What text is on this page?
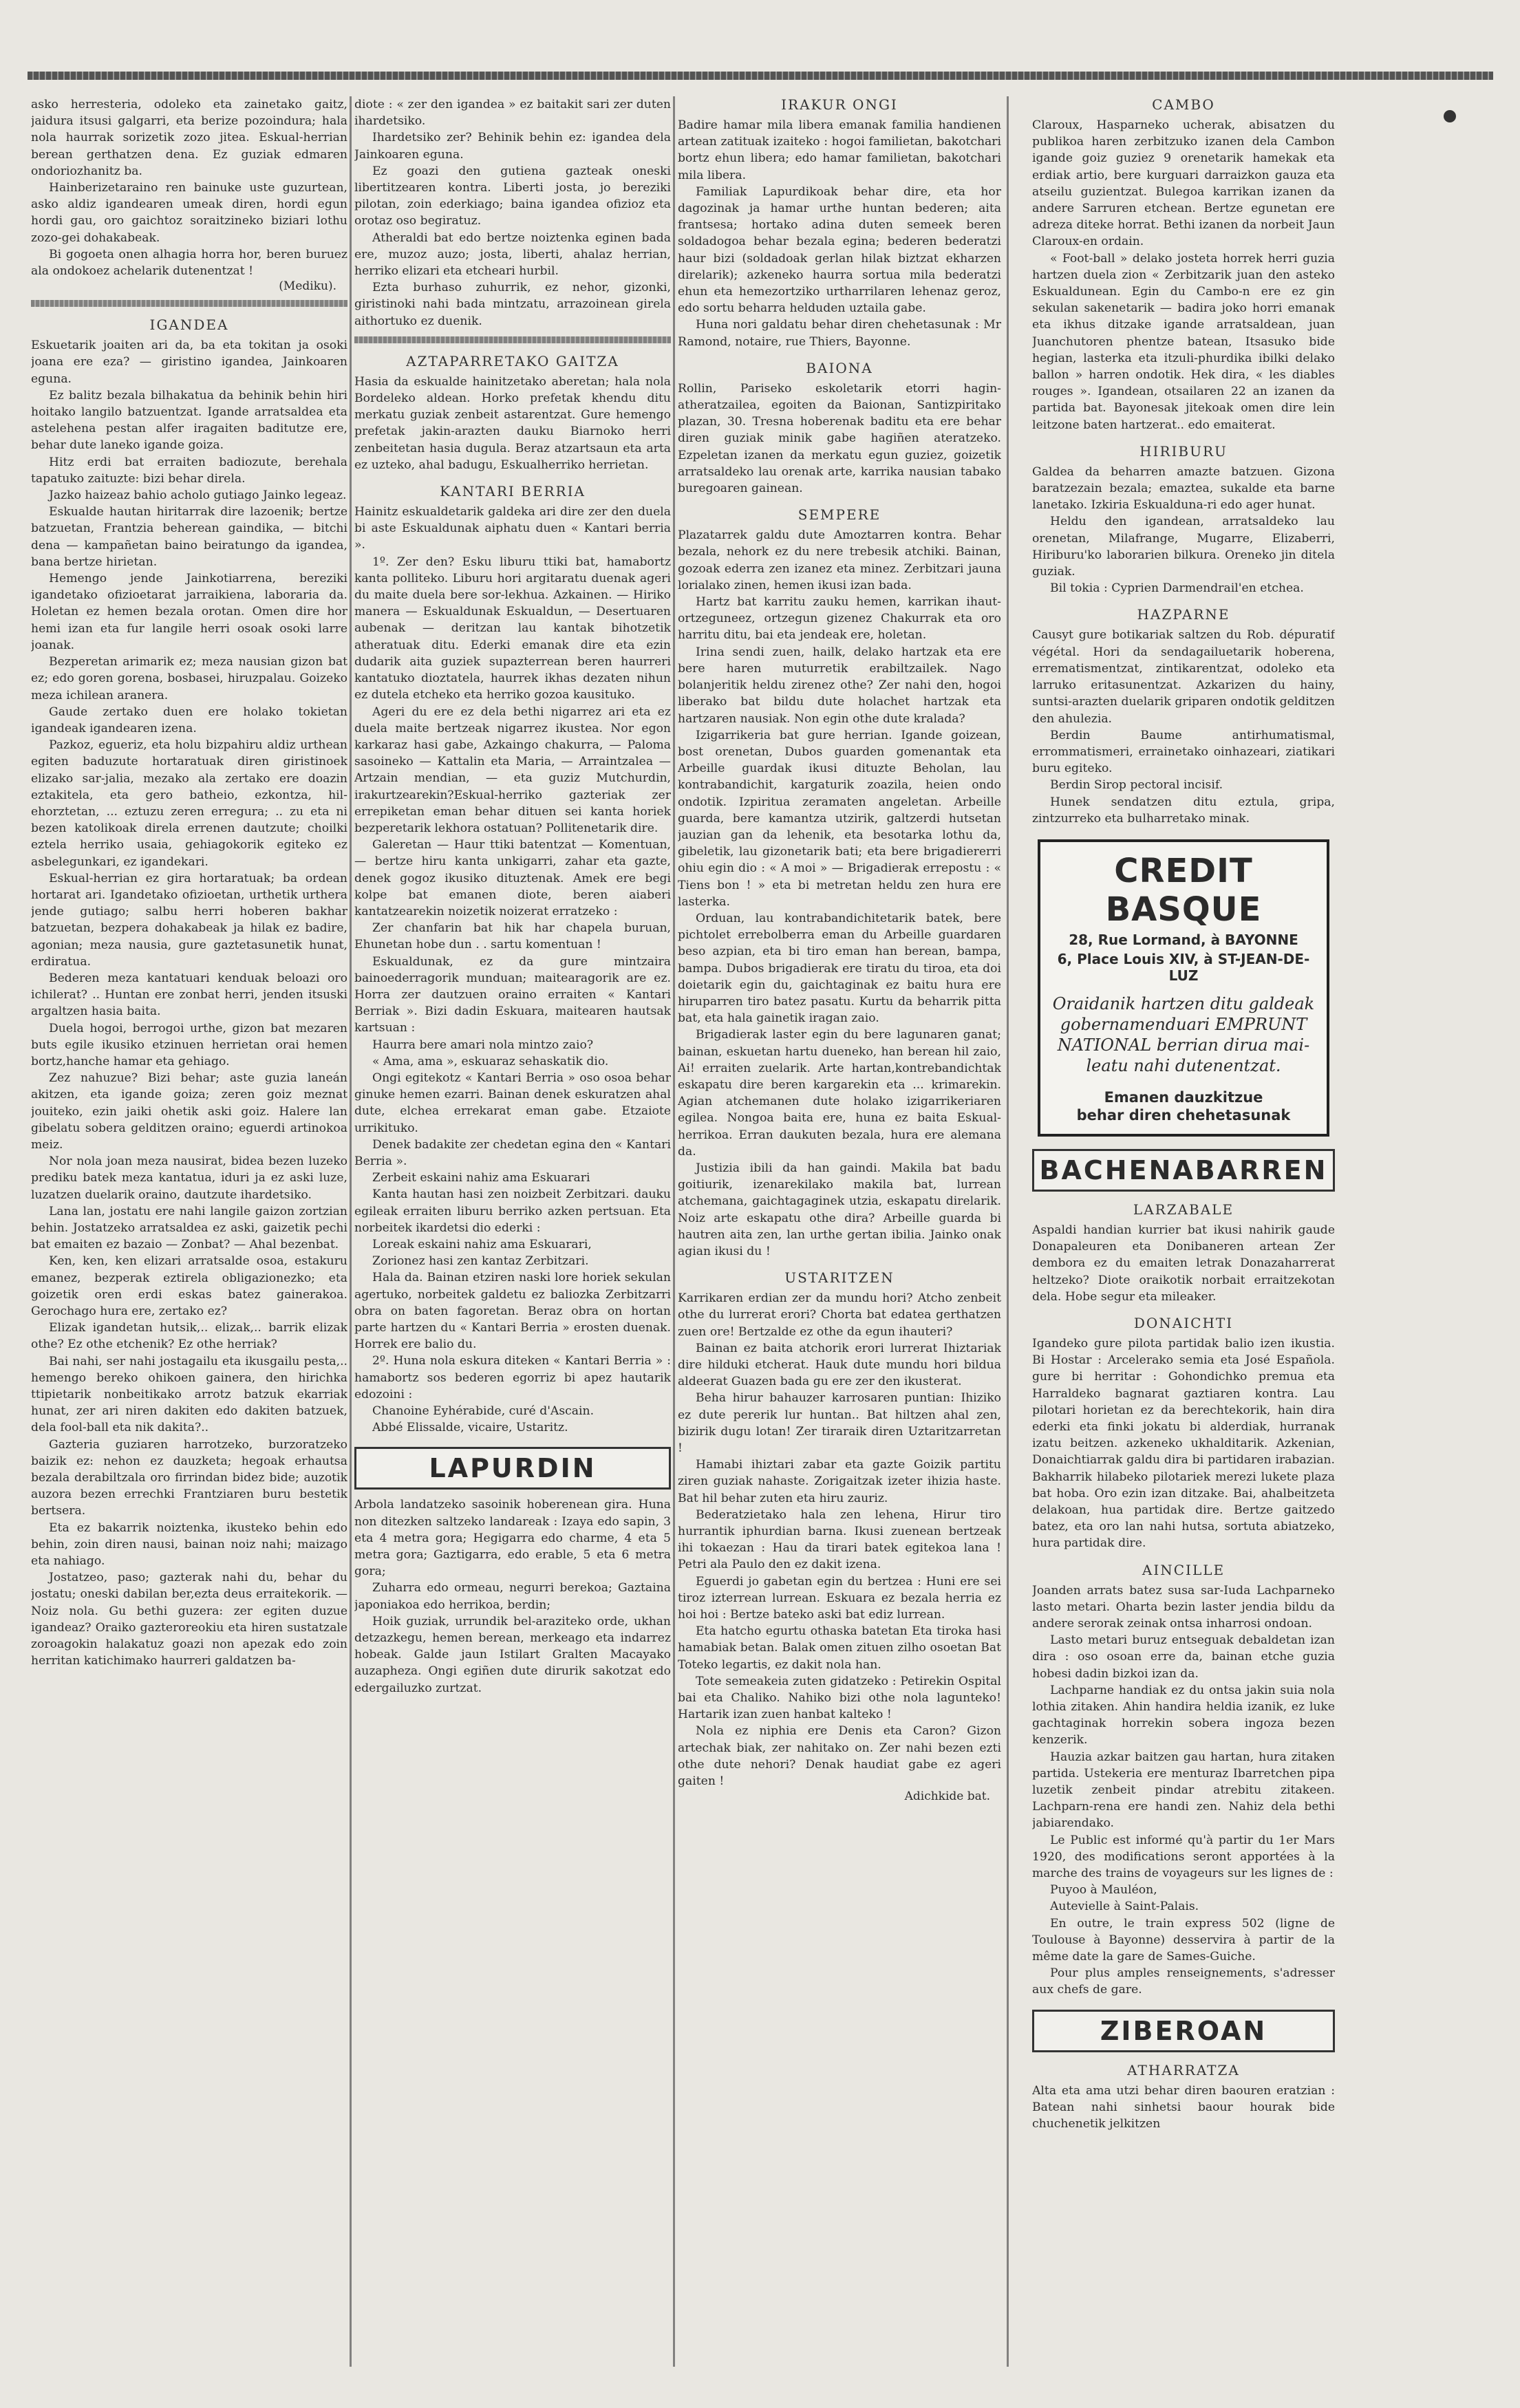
asko herresteria, odoleko eta zainetako gaitz, jaidura itsusi galgarri, eta berize pozoindura; hala nola haurrak sorizetik zozo jitea. Eskual-herrian berean gerthatzen dena. Ez guziak edmaren ondoriozhanitz ba.

Hainberizetaraino ren bainuke uste guzurtean, asko aldiz igandearen umeak diren, hordi egun hordi gau, oro gaichtoz soraitzineko biziari lothu zozo-gei dohakabeak.

Bi gogoeta onen alhagia horra hor, beren buruez ala ondokoez achelarik dutenentzat !

(Mediku).
IGANDEA

Eskuetarik joaiten ari da, ba eta tokitan ja osoki joana ere eza? — giristino igandea, Jainkoaren eguna.

Ez balitz bezala bilhakatua da behinik behin hiri hoitako langilo batzuentzat. Igande arratsaldea eta astelehena pestan alfer iragaiten baditutze ere, behar dute laneko igande goiza.

Hitz erdi bat erraiten badiozute, berehala tapatuko zaituzte: bizi behar direla.

Jazko haizeaz bahio acholo gutiago Jainko legeaz.

Eskualde hautan hiritarrak dire lazoenik; bertze batzuetan, Frantzia beherean gaindika, — bitchi dena — kampañetan baino beiratungo da igandea, bana bertze hirietan.

Hemengo jende Jainkotiarrena, bereziki igandetako ofizioetarat jarraikiena, laboraria da. Holetan ez hemen bezala orotan. Omen dire hor hemi izan eta fur langile herri osoak osoki larre joanak.

Bezperetan arimarik ez; meza nausian gizon bat ez; edo goren gorena, bosbasei, hiruzpalau. Goizeko meza ichilean aranera.

Gaude zertako duen ere holako tokietan igandeak igandearen izena.

Pazkoz, egueriz, eta holu bizpahiru aldiz urthean egiten baduzute hortaratuak diren giristinoek elizako sar-jalia, mezako ala zertako ere doazin eztakitela, eta gero batheio, ezkontza, hil-ehorztetan, ... eztuzu zeren erregura; .. zu eta ni bezen katolikoak direla errenen dautzute; choilki eztela herriko usaia, gehiagokorik egiteko ez asbelegunkari, ez igandekari.

Eskual-herrian ez gira hortaratuak; ba ordean hortarat ari. Igandetako ofizioetan, urthetik urthera jende gutiago; salbu herri hoberen bakhar batzuetan, bezpera dohakabeak ja hilak ez badire, agonian; meza nausia, gure gaztetasunetik hunat, erdiratua.

Bederen meza kantatuari kenduak beloazi oro ichilerat? .. Huntan ere zonbat herri, jenden itsuski argaltzen hasia baita.

Duela hogoi, berrogoi urthe, gizon bat mezaren buts egile ikusiko etzinuen herrietan orai hemen bortz,hanche hamar eta gehiago.

Zez nahuzue? Bizi behar; aste guzia laneán akitzen, eta igande goiza; zeren goiz meznat jouiteko, ezin jaiki ohetik aski goiz. Halere lan gibelatu sobera gelditzen oraino; eguerdi artinokoa meiz.

Nor nola joan meza nausirat, bidea bezen luzeko prediku batek meza kantatua, iduri ja ez aski luze, luzatzen duelarik oraino, dautzute ihardetsiko.

Lana lan, jostatu ere nahi langile gaizon zortzian behin. Jostatzeko arratsaldea ez aski, gaizetik pechi bat emaiten ez bazaio — Zonbat? — Ahal bezenbat.

Ken, ken, ken elizari arratsalde osoa, estakuru emanez, bezperak eztirela obligazionezko; eta goizetik oren erdi eskas batez gainerakoa. Gerochago hura ere, zertako ez?

Elizak igandetan hutsik,.. elizak,.. barrik elizak othe? Ez othe etchenik? Ez othe herriak?

Bai nahi, ser nahi jostagailu eta ikusgailu pesta,.. hemengo bereko ohikoen gainera, den hirichka ttipietarik nonbeitikako arrotz batzuk ekarriak hunat, zer ari niren dakiten edo dakiten batzuek, dela fool-ball eta nik dakita?..

Gazteria guziaren harrotzeko, burzoratzeko baizik ez: nehon ez dauzketa; hegoak erhautsa bezala derabiltzala oro firrindan bidez bide; auzotik auzora bezen errechki Frantziaren buru bestetik bertsera.

Eta ez bakarrik noiztenka, ikusteko behin edo behin, zoin diren nausi, bainan noiz nahi; maizago eta nahiago.

Jostatzeo, paso; gazterak nahi du, behar du jostatu; oneski dabilan ber,ezta deus erraitekorik. — Noiz nola. Gu bethi guzera: zer egiten duzue igandeaz? Oraiko gazteroreokiu eta hiren sustatzale zoroagokin halakatuz goazi non apezak edo zoin herritan katichimako haurreri galdatzen ba-

diote : « zer den igandea » ez baitakit sari zer duten ihardetsiko.

Ihardetsiko zer? Behinik behin ez: igandea dela Jainkoaren eguna.

Ez goazi den gutiena gazteak oneski libertitzearen kontra. Liberti josta, jo bereziki pilotan, zoin ederkiago; baina igandea ofizioz eta orotaz oso begiratuz.

Atheraldi bat edo bertze noiztenka eginen bada ere, muzoz auzo; josta, liberti, ahalaz herrian, herriko elizari eta etcheari hurbil.

Ezta burhaso zuhurrik, ez nehor, gizonki, giristinoki nahi bada mintzatu, arrazoinean girela aithortuko ez duenik.

AZTAPARRETAKO GAITZA

Hasia da eskualde hainitzetako aberetan; hala nola Bordeleko aldean. Horko prefetak khendu ditu merkatu guziak zenbeit astarentzat. Gure hemengo prefetak jakin-arazten dauku Biarnoko herri zenbeitetan hasia dugula. Beraz atzartsaun eta arta ez uzteko, ahal badugu, Eskualherriko herrietan.

KANTARI BERRIA

Hainitz eskualdetarik galdeka ari dire zer den duela bi aste Eskualdunak aiphatu duen « Kantari berria ».

1º. Zer den? Esku liburu ttiki bat, hamabortz kanta polliteko. Liburu hori argitaratu duenak ageri du maite duela bere sor-lekhua. Azkainen. — Hiriko manera — Eskualdunak Eskualdun, — Desertuaren aubenak — deritzan lau kantak bihotzetik atheratuak ditu. Ederki emanak dire eta ezin dudarik aita guziek supazterrean beren haurreri kantatuko dioztatela, haurrek ikhas dezaten nihun ez dutela etcheko eta herriko gozoa kausituko.

Ageri du ere ez dela bethi nigarrez ari eta ez duela maite bertzeak nigarrez ikustea. Nor egon karkaraz hasi gabe, Azkaingo chakurra, — Paloma sasoineko — Kattalin eta Maria, — Arraintzalea — Artzain mendian, — eta guziz Mutchurdin, irakurtzearekin?Eskual-herriko gazteriak zer errepiketan eman behar dituen sei kanta horiek bezperetarik lekhora ostatuan? Pollitenetarik dire.

Galeretan — Haur ttiki batentzat — Komentuan, — bertze hiru kanta unkigarri, zahar eta gazte, denek gogoz ikusiko dituztenak. Amek ere begi kolpe bat emanen diote, beren aiaberi kantatzearekin noizetik noizerat erratzeko :

Zer chanfarin bat hik har chapela buruan, Ehunetan hobe dun . . sartu komentuan !

Eskualdunak, ez da gure mintzaira bainoederragorik munduan; maitearagorik are ez. Horra zer dautzuen oraino erraiten « Kantari Berriak ». Bizi dadin Eskuara, maitearen hautsak kartsuan :

Haurra bere amari nola mintzo zaio?

« Ama, ama », eskuaraz sehaskatik dio.

Ongi egitekotz « Kantari Berria » oso osoa behar ginuke hemen ezarri. Bainan denek eskuratzen ahal dute, elchea errekarat eman gabe. Etzaiote urrikituko.

Denek badakite zer chedetan egina den « Kantari Berria ».

Zerbeit eskaini nahiz ama Eskuarari

Kanta hautan hasi zen noizbeit Zerbitzari. dauku egileak erraiten liburu berriko azken pertsuan. Eta norbeitek ikardetsi dio ederki :

Loreak eskaini nahiz ama Eskuarari,

Zorionez hasi zen kantaz Zerbitzari.

Hala da. Bainan etziren naski lore horiek sekulan agertuko, norbeitek galdetu ez baliozka Zerbitzarri obra on baten fagoretan. Beraz obra on hortan parte hartzen du « Kantari Berria » erosten duenak. Horrek ere balio du.

2º. Huna nola eskura diteken « Kantari Berria » : hamabortz sos bederen egorriz bi apez hautarik edozoini :

Chanoine Eyhérabide, curé d'Ascain.

Abbé Elissalde, vicaire, Ustaritz.

LAPURDIN

Arbola landatzeko sasoinik hoberenean gira. Huna non ditezken saltzeko landareak : Izaya edo sapin, 3 eta 4 metra gora; Hegigarra edo charme, 4 eta 5 metra gora; Gaztigarra, edo erable, 5 eta 6 metra gora;

Zuharra edo ormeau, negurri berekoa; Gaztaina japoniakoa edo herrikoa, berdin;

Hoik guziak, urrundik bel-araziteko orde, ukhan detzazkegu, hemen berean, merkeago eta indarrez hobeak. Galde jaun Istilart Gralten Macayako auzapheza. Ongi egiñen dute dirurik sakotzat edo edergailuzko zurtzat.

IRAKUR ONGI

Badire hamar mila libera emanak familia handienen artean zatituak izaiteko : hogoi familietan, bakotchari bortz ehun libera; edo hamar familietan, bakotchari mila libera.

Familiak Lapurdikoak behar dire, eta hor dagozinak ja hamar urthe huntan bederen; aita frantsesa; hortako adina duten semeek beren soldadogoa behar bezala egina; bederen bederatzi haur bizi (soldadoak gerlan hilak biztzat ekharzen direlarik); azkeneko haurra sortua mila bederatzi ehun eta hemezortziko urtharrilaren lehenaz geroz, edo sortu beharra helduden uztaila gabe.

Huna nori galdatu behar diren chehetasunak : Mr Ramond, notaire, rue Thiers, Bayonne.

BAIONA

Rollin, Pariseko eskoletarik etorri hagin-atheratzailea, egoiten da Baionan, Santizpiritako plazan, 30. Tresna hoberenak baditu eta ere behar diren guziak minik gabe hagiñen ateratzeko. Ezpeletan izanen da merkatu egun guziez, goizetik arratsaldeko lau orenak arte, karrika nausian tabako buregoaren gainean.

SEMPERE

Plazatarrek galdu dute Amoztarren kontra. Behar bezala, nehork ez du nere trebesik atchiki. Bainan, gozoak ederra zen izanez eta minez. Zerbitzari jauna lorialako zinen, hemen ikusi izan bada.

Hartz bat karritu zauku hemen, karrikan ihaut-ortzeguneez, ortzegun gizenez Chakurrak eta oro harritu ditu, bai eta jendeak ere, holetan.

Irina sendi zuen, hailk, delako hartzak eta ere bere haren muturretik erabiltzailek. Nago bolanjeritik heldu zirenez othe? Zer nahi den, hogoi liberako bat bildu dute holachet hartzak eta hartzaren nausiak. Non egin othe dute kralada?

Izigarrikeria bat gure herrian. Igande goizean, bost orenetan, Dubos guarden gomenantak eta Arbeille guardak ikusi dituzte Beholan, lau kontrabandichit, kargaturik zoazila, heien ondo ondotik. Izpiritua zeramaten angeletan. Arbeille guarda, bere kamantza utzirik, galtzerdi hutsetan jauzian gan da lehenik, eta besotarka lothu da, gibeletik, lau gizonetarik bati; eta bere brigadiererri ohiu egin dio : « A moi » — Brigadierak errepostu : « Tiens bon ! » eta bi metretan heldu zen hura ere lasterka.

Orduan, lau kontrabandichitetarik batek, bere pichtolet errebolberra eman du Arbeille guardaren beso azpian, eta bi tiro eman han berean, bampa, bampa. Dubos brigadierak ere tiratu du tiroa, eta doi doietarik egin du, gaichtaginak ez baitu hura ere hiruparren tiro batez pasatu. Kurtu da beharrik pitta bat, eta hala gainetik iragan zaio.

Brigadierak laster egin du bere lagunaren ganat; bainan, eskuetan hartu dueneko, han berean hil zaio, Ai! erraiten zuelarik. Arte hartan,kontrebandichtak eskapatu dire beren kargarekin eta ... krimarekin. Agian atchemanen dute holako izigarrikeriaren egilea. Nongoa baita ere, huna ez baita Eskual-herrikoa. Erran daukuten bezala, hura ere alemana da.

Justizia ibili da han gaindi. Makila bat badu goitiurik, izenarekilako makila bat, lurrean atchemana, gaichtagaginek utzia, eskapatu direlarik. Noiz arte eskapatu othe dira? Arbeille guarda bi hautren aita zen, lan urthe gertan ibilia. Jainko onak agian ikusi du !

USTARITZEN

Karrikaren erdian zer da mundu hori? Atcho zenbeit othe du lurrerat erori? Chorta bat edatea gerthatzen zuen ore! Bertzalde ez othe da egun ihauteri?

Bainan ez baita atchorik erori lurrerat Ihiztariak dire hilduki etcherat. Hauk dute mundu hori bildua aldeerat Guazen bada gu ere zer den ikusterat.

Beha hirur bahauzer karrosaren puntian: Ihiziko ez dute pererik lur huntan.. Bat hiltzen ahal zen, bizirik dugu lotan! Zer tiraraik diren Uztaritzarretan !

Hamabi ihiztari zabar eta gazte Goizik partitu ziren guziak nahaste. Zorigaitzak izeter ihizia haste. Bat hil behar zuten eta hiru zauriz.

Bederatzietako hala zen lehena, Hirur tiro hurrantik iphurdian barna. Ikusi zuenean bertzeak ihi tokaezan : Hau da tirari batek egitekoa lana ! Petri ala Paulo den ez dakit izena.

Eguerdi jo gabetan egin du bertzea : Huni ere sei tiroz izterrean lurrean. Eskuara ez bezala herria ez hoi hoi : Bertze bateko aski bat ediz lurrean.

Eta hatcho egurtu othaska batetan Eta tiroka hasi hamabiak betan. Balak omen zituen zilho osoetan Bat Toteko legartis, ez dakit nola han.

Tote semeakeia zuten gidatzeko : Petirekin Ospital bai eta Chaliko. Nahiko bizi othe nola lagunteko! Hartarik izan zuen hanbat kalteko !

Nola ez niphia ere Denis eta Caron? Gizon artechak biak, zer nahitako on. Zer nahi bezen ezti othe dute nehori? Denak haudiat gabe ez ageri gaiten !

Adichkide bat.
CAMBO

Claroux, Hasparneko ucherak, abisatzen du publikoa haren zerbitzuko izanen dela Cambon igande goiz guziez 9 orenetarik hamekak eta erdiak artio, bere kurguari darraizkon gauza eta atseilu guzientzat. Bulegoa karrikan izanen da andere Sarruren etchean. Bertze egunetan ere adreza diteke horrat. Bethi izanen da norbeit Jaun Claroux-en ordain.

« Foot-ball » delako josteta horrek herri guzia hartzen duela zion « Zerbitzarik juan den asteko Eskualdunean. Egin du Cambo-n ere ez gin sekulan sakenetarik — badira joko horri emanak eta ikhus ditzake igande arratsaldean, juan Juanchutoren phentze batean, Itsasuko bide hegian, lasterka eta itzuli-phurdika ibilki delako ballon » harren ondotik. Hek dira, « les diables rouges ». Igandean, otsailaren 22 an izanen da partida bat. Bayonesak jitekoak omen dire lein leitzone baten hartzerat.. edo emaiterat.

HIRIBURU

Galdea da beharren amazte batzuen. Gizona baratzezain bezala; emaztea, sukalde eta barne lanetako. Izkiria Eskualduna-ri edo ager hunat.

Heldu den igandean, arratsaldeko lau orenetan, Milafrange, Mugarre, Elizaberri, Hiriburu'ko laborarien bilkura. Oreneko jin ditela guziak.

Bil tokia : Cyprien Darmendrail'en etchea.

HAZPARNE

Causyt gure botikariak saltzen du Rob. dépuratif végétal. Hori da sendagailuetarik hoberena, errematismentzat, zintikarentzat, odoleko eta larruko eritasunentzat. Azkarizen du hainy, suntsi-arazten duelarik griparen ondotik gelditzen den ahulezia.

Berdin Baume antirhumatismal, errommatismeri, errainetako oinhazeari, ziatikari buru egiteko.

Berdin Sirop pectoral incisif.

Hunek sendatzen ditu eztula, gripa, zintzurreko eta bulharretako minak.

CREDIT BASQUE
28, Rue Lormand, à BAYONNE
6, Place Louis XIV, à ST-JEAN-DE-LUZ
Oraidanik hartzen ditu galdeak
gobernamenduari EMPRUNT
NATIONAL berrian dirua mai-
leatu nahi dutenentzat.
Emanen dauzkitzue
behar diren chehetasunak
BACHENABARREN
LARZABALE

Aspaldi handian kurrier bat ikusi nahirik gaude Donapaleuren eta Donibaneren artean Zer dembora ez du emaiten letrak Donazaharrerat heltzeko? Diote oraikotik norbait erraitzekotan dela. Hobe segur eta mileaker.

DONAICHTI

Igandeko gure pilota partidak balio izen ikustia. Bi Hostar : Arcelerako semia eta José Española. gure bi herritar : Gohondichko premua eta Harraldeko bagnarat gaztiaren kontra. Lau pilotari horietan ez da berechtekorik, hain dira ederki eta finki jokatu bi alderdiak, hurranak izatu beitzen. azkeneko ukhalditarik. Azkenian, Donaichtiarrak galdu dira bi partidaren irabazian. Bakharrik hilabeko pilotariek merezi lukete plaza bat hoba. Oro ezin izan ditzake. Bai, ahalbeitzeta delakoan, hua partidak dire. Bertze gaitzedo batez, eta oro lan nahi hutsa, sortuta abiatzeko, hura partidak dire.

AINCILLE

Joanden arrats batez susa sar-Iuda Lachparneko lasto metari. Oharta bezin laster jendia bildu da andere serorak zeinak ontsa inharrosi ondoan.

Lasto metari buruz entseguak debaldetan izan dira : oso osoan erre da, bainan etche guzia hobesi dadin bizkoi izan da.

Lachparne handiak ez du ontsa jakin suia nola lothia zitaken. Ahin handira heldia izanik, ez luke gachtaginak horrekin sobera ingoza bezen kenzerik.

Hauzia azkar baitzen gau hartan, hura zitaken partida. Ustekeria ere menturaz Ibarretchen pipa luzetik zenbeit pindar atrebitu zitakeen. Lachparn-rena ere handi zen. Nahiz dela bethi jabiarendako.

Le Public est informé qu'à partir du 1er Mars 1920, des modifications seront apportées à la marche des trains de voyageurs sur les lignes de :

Puyoo à Mauléon,

Autevielle à Saint-Palais.

En outre, le train express 502 (ligne de Toulouse à Bayonne) desservira à partir de la même date la gare de Sames-Guiche.

Pour plus amples renseignements, s'adresser aux chefs de gare.

ZIBEROAN
ATHARRATZA

Alta eta ama utzi behar diren baouren eratzian : Batean nahi sinhetsi baour hourak bide chuchenetik jelkitzen
